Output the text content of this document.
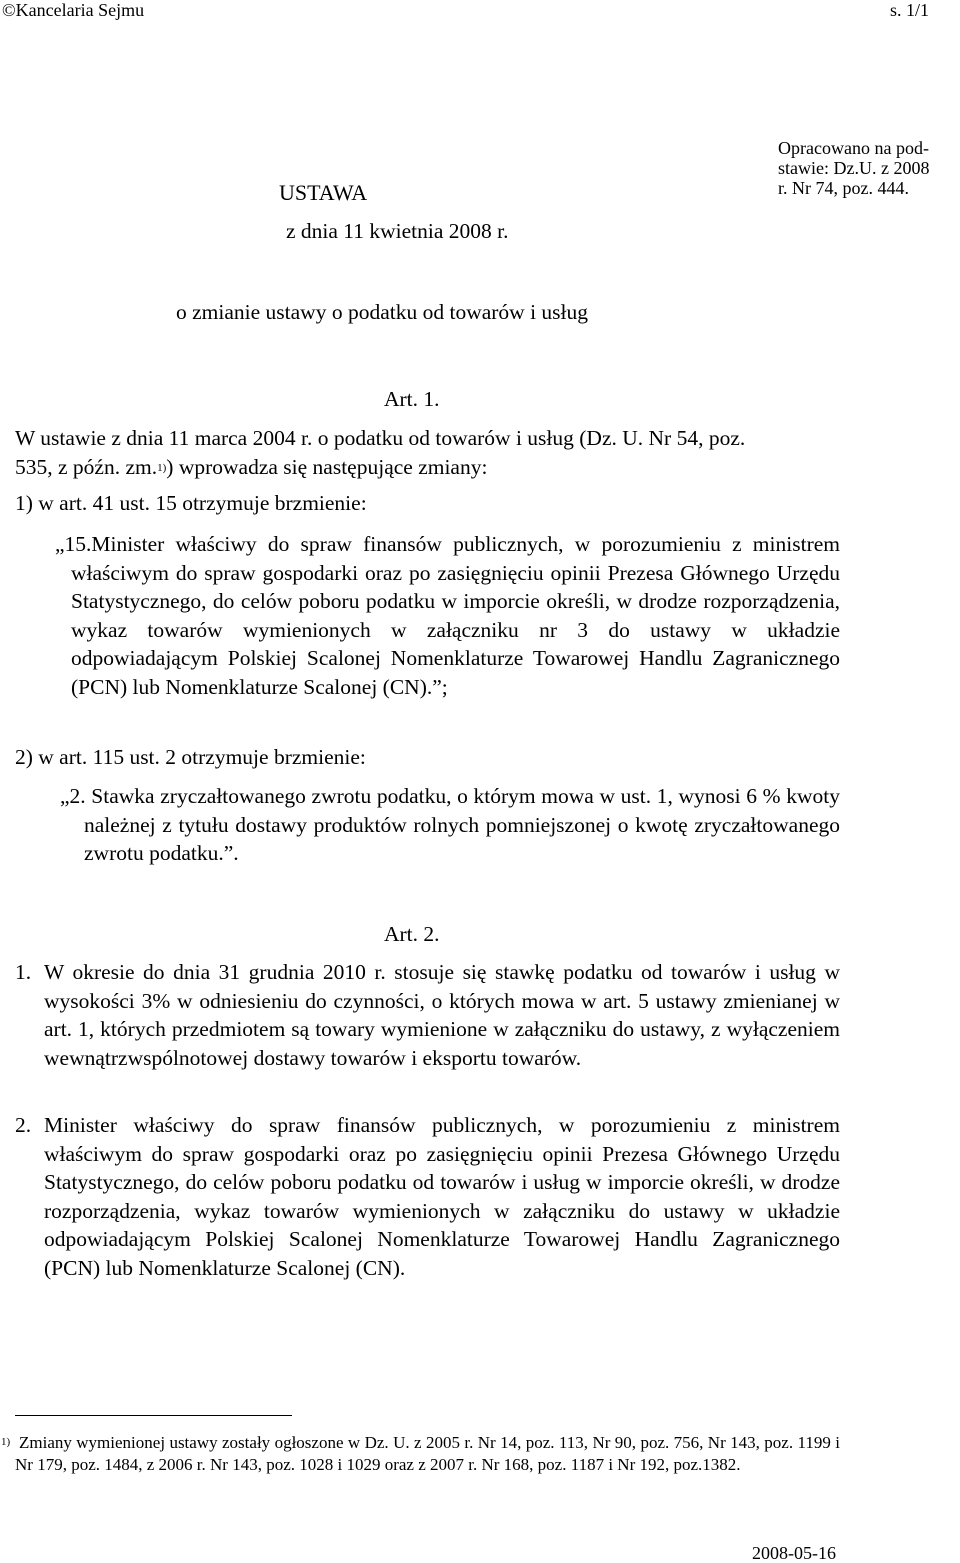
©Kancelaria Sejmu	s. 1/1
Opracowano na pod-
stawie: Dz.U. z 2008
r. Nr 74, poz. 444.
USTAWA
z dnia 11 kwietnia 2008 r.
o zmianie ustawy o podatku od towarów i usług
Art. 1.
W ustawie z dnia 11 marca 2004 r. o podatku od towarów i usług (Dz. U. Nr 54, poz.
535, z późn. zm.$^{1)}$) wprowadza się następujące zmiany:
1) w art. 41 ust. 15 otrzymuje brzmienie:
„15.Minister właściwy do spraw finansów publicznych, w porozumieniu z ministrem właściwym do spraw gospodarki oraz po zasięgnięciu opinii Prezesa Głównego Urzędu Statystycznego, do celów poboru podatku w imporcie określi, w drodze rozporządzenia, wykaz towarów wymienionych w załączniku nr 3 do ustawy w układzie odpowiadającym Polskiej Scalonej Nomenklaturze Towarowej Handlu Zagranicznego (PCN) lub Nomenklaturze Scalonej (CN).”;
2) w art. 115 ust. 2 otrzymuje brzmienie:
„2. Stawka zryczałtowanego zwrotu podatku, o którym mowa w ust. 1, wynosi 6 % kwoty należnej z tytułu dostawy produktów rolnych pomniejszonej o kwotę zryczałtowanego zwrotu podatku.”.
Art. 2.
1. W okresie do dnia 31 grudnia 2010 r. stosuje się stawkę podatku od towarów i usług w wysokości 3% w odniesieniu do czynności, o których mowa w art. 5 ustawy zmienianej w art. 1, których przedmiotem są towary wymienione w załączniku do ustawy, z wyłączeniem wewnątrzwspólnotowej dostawy towarów i eksportu towarów.
2. Minister właściwy do spraw finansów publicznych, w porozumieniu z ministrem właściwym do spraw gospodarki oraz po zasięgnięciu opinii Prezesa Głównego Urzędu Statystycznego, do celów poboru podatku od towarów i usług w imporcie określi, w drodze rozporządzenia, wykaz towarów wymienionych w załączniku do ustawy w układzie odpowiadającym Polskiej Scalonej Nomenklaturze Towarowej Handlu Zagranicznego (PCN) lub Nomenklaturze Scalonej (CN).
1) Zmiany wymienionej ustawy zostały ogłoszone w Dz. U. z 2005 r. Nr 14, poz. 113, Nr 90, poz. 756, Nr 143, poz. 1199 i Nr 179, poz. 1484, z 2006 r. Nr 143, poz. 1028 i 1029 oraz z 2007 r. Nr 168, poz. 1187 i Nr 192, poz.1382.
2008-05-16
